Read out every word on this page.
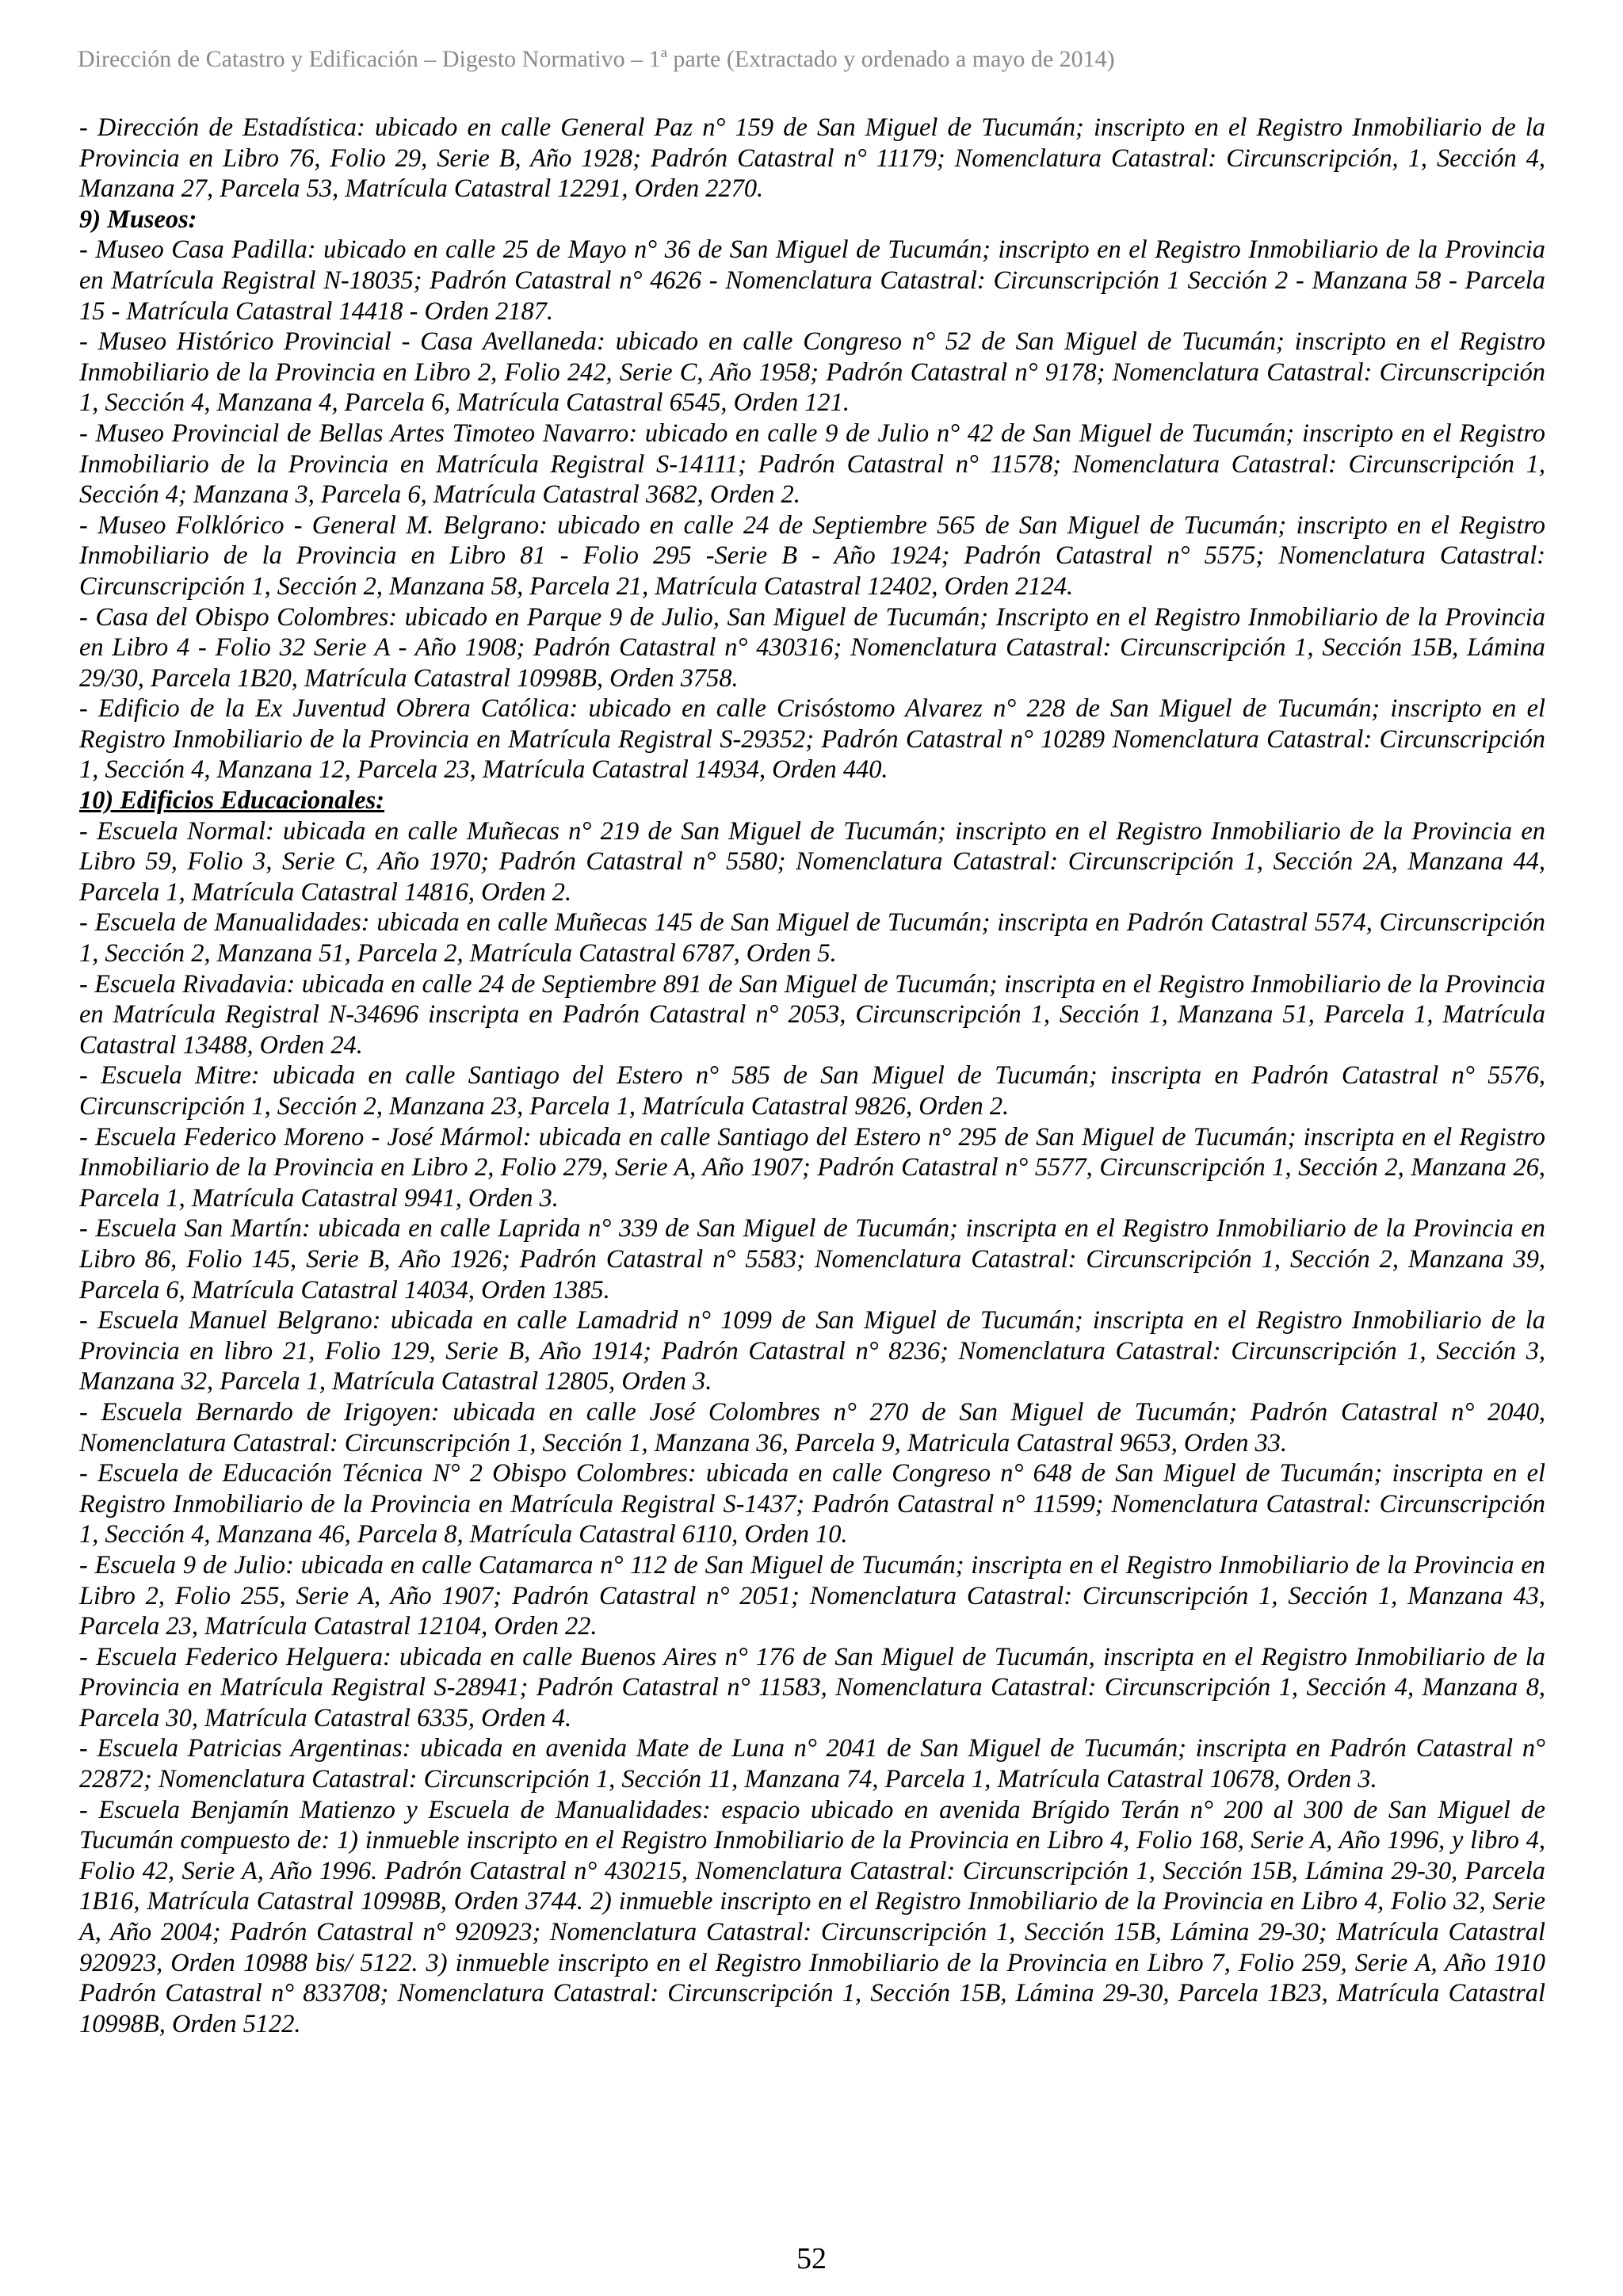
Dirección de Catastro y Edificación – Digesto Normativo – 1ª parte (Extractado y ordenado a mayo de 2014)

- Dirección de Estadística: ubicado en calle General Paz n° 159 de San Miguel de Tucumán; inscripto en el Registro Inmobiliario de la Provincia en Libro 76, Folio 29, Serie B, Año 1928; Padrón Catastral n° 11179; Nomenclatura Catastral: Circunscripción, 1, Sección 4, Manzana 27, Parcela 53, Matrícula Catastral 12291, Orden 2270.

9) Museos:

- Museo Casa Padilla: ubicado en calle 25 de Mayo n° 36 de San Miguel de Tucumán; inscripto en el Registro Inmobiliario de la Provincia en Matrícula Registral N-18035; Padrón Catastral n° 4626 - Nomenclatura Catastral: Circunscripción 1 Sección 2 - Manzana 58 - Parcela 15 - Matrícula Catastral 14418 - Orden 2187.

- Museo Histórico Provincial - Casa Avellaneda: ubicado en calle Congreso n° 52 de San Miguel de Tucumán; inscripto en el Registro Inmobiliario de la Provincia en Libro 2, Folio 242, Serie C, Año 1958; Padrón Catastral n° 9178; Nomenclatura Catastral: Circunscripción 1, Sección 4, Manzana 4, Parcela 6, Matrícula Catastral 6545, Orden 121.

- Museo Provincial de Bellas Artes Timoteo Navarro: ubicado en calle 9 de Julio n° 42 de San Miguel de Tucumán; inscripto en el Registro Inmobiliario de la Provincia en Matrícula Registral S-14111; Padrón Catastral n° 11578; Nomenclatura Catastral: Circunscripción 1, Sección 4; Manzana 3, Parcela 6, Matrícula Catastral 3682, Orden 2.

- Museo Folklórico - General M. Belgrano: ubicado en calle 24 de Septiembre 565 de San Miguel de Tucumán; inscripto en el Registro Inmobiliario de la Provincia en Libro 81 - Folio 295 -Serie B - Año 1924; Padrón Catastral n° 5575; Nomenclatura Catastral: Circunscripción 1, Sección 2, Manzana 58, Parcela 21, Matrícula Catastral 12402, Orden 2124.

- Casa del Obispo Colombres: ubicado en Parque 9 de Julio, San Miguel de Tucumán; Inscripto en el Registro Inmobiliario de la Provincia en Libro 4 - Folio 32 Serie A - Año 1908; Padrón Catastral n° 430316; Nomenclatura Catastral: Circunscripción 1, Sección 15B, Lámina 29/30, Parcela 1B20, Matrícula Catastral 10998B, Orden 3758.

- Edificio de la Ex Juventud Obrera Católica: ubicado en calle Crisóstomo Alvarez n° 228 de San Miguel de Tucumán; inscripto en el Registro Inmobiliario de la Provincia en Matrícula Registral S-29352; Padrón Catastral n° 10289 Nomenclatura Catastral: Circunscripción 1, Sección 4, Manzana 12, Parcela 23, Matrícula Catastral 14934, Orden 440.

10) Edificios Educacionales:

- Escuela Normal: ubicada en calle Muñecas n° 219 de San Miguel de Tucumán; inscripto en el Registro Inmobiliario de la Provincia en Libro 59, Folio 3, Serie C, Año 1970; Padrón Catastral n° 5580; Nomenclatura Catastral: Circunscripción 1, Sección 2A, Manzana 44, Parcela 1, Matrícula Catastral 14816, Orden 2.

- Escuela de Manualidades: ubicada en calle Muñecas 145 de San Miguel de Tucumán; inscripta en Padrón Catastral 5574, Circunscripción 1, Sección 2, Manzana 51, Parcela 2, Matrícula Catastral 6787, Orden 5.

- Escuela Rivadavia: ubicada en calle 24 de Septiembre 891 de San Miguel de Tucumán; inscripta en el Registro Inmobiliario de la Provincia en Matrícula Registral N-34696 inscripta en Padrón Catastral n° 2053, Circunscripción 1, Sección 1, Manzana 51, Parcela 1, Matrícula Catastral 13488, Orden 24.

- Escuela Mitre: ubicada en calle Santiago del Estero n° 585 de San Miguel de Tucumán; inscripta en Padrón Catastral n° 5576, Circunscripción 1, Sección 2, Manzana 23, Parcela 1, Matrícula Catastral 9826, Orden 2.

- Escuela Federico Moreno - José Mármol: ubicada en calle Santiago del Estero n° 295 de San Miguel de Tucumán; inscripta en el Registro Inmobiliario de la Provincia en Libro 2, Folio 279, Serie A, Año 1907; Padrón Catastral n° 5577, Circunscripción 1, Sección 2, Manzana 26, Parcela 1, Matrícula Catastral 9941, Orden 3.

- Escuela San Martín: ubicada en calle Laprida n° 339 de San Miguel de Tucumán; inscripta en el Registro Inmobiliario de la Provincia en Libro 86, Folio 145, Serie B, Año 1926; Padrón Catastral n° 5583; Nomenclatura Catastral: Circunscripción 1, Sección 2, Manzana 39, Parcela 6, Matrícula Catastral 14034, Orden 1385.

- Escuela Manuel Belgrano: ubicada en calle Lamadrid n° 1099 de San Miguel de Tucumán; inscripta en el Registro Inmobiliario de la Provincia en libro 21, Folio 129, Serie B, Año 1914; Padrón Catastral n° 8236; Nomenclatura Catastral: Circunscripción 1, Sección 3, Manzana 32, Parcela 1, Matrícula Catastral 12805, Orden 3.

- Escuela Bernardo de Irigoyen: ubicada en calle José Colombres n° 270 de San Miguel de Tucumán; Padrón Catastral n° 2040, Nomenclatura Catastral: Circunscripción 1, Sección 1, Manzana 36, Parcela 9, Matricula Catastral 9653, Orden 33.

- Escuela de Educación Técnica N° 2 Obispo Colombres: ubicada en calle Congreso n° 648 de San Miguel de Tucumán; inscripta en el Registro Inmobiliario de la Provincia en Matrícula Registral S-1437; Padrón Catastral n° 11599; Nomenclatura Catastral: Circunscripción 1, Sección 4, Manzana 46, Parcela 8, Matrícula Catastral 6110, Orden 10.

- Escuela 9 de Julio: ubicada en calle Catamarca n° 112 de San Miguel de Tucumán; inscripta en el Registro Inmobiliario de la Provincia en Libro 2, Folio 255, Serie A, Año 1907; Padrón Catastral n° 2051; Nomenclatura Catastral: Circunscripción 1, Sección 1, Manzana 43, Parcela 23, Matrícula Catastral 12104, Orden 22.

- Escuela Federico Helguera: ubicada en calle Buenos Aires n° 176 de San Miguel de Tucumán, inscripta en el Registro Inmobiliario de la Provincia en Matrícula Registral S-28941; Padrón Catastral n° 11583, Nomenclatura Catastral: Circunscripción 1, Sección 4, Manzana 8, Parcela 30, Matrícula Catastral 6335, Orden 4.

- Escuela Patricias Argentinas: ubicada en avenida Mate de Luna n° 2041 de San Miguel de Tucumán; inscripta en Padrón Catastral n° 22872; Nomenclatura Catastral: Circunscripción 1, Sección 11, Manzana 74, Parcela 1, Matrícula Catastral 10678, Orden 3.

- Escuela Benjamín Matienzo y Escuela de Manualidades: espacio ubicado en avenida Brígido Terán n° 200 al 300 de San Miguel de Tucumán compuesto de: 1) inmueble inscripto en el Registro Inmobiliario de la Provincia en Libro 4, Folio 168, Serie A, Año 1996, y libro 4, Folio 42, Serie A, Año 1996. Padrón Catastral n° 430215, Nomenclatura Catastral: Circunscripción 1, Sección 15B, Lámina 29-30, Parcela 1B16, Matrícula Catastral 10998B, Orden 3744. 2) inmueble inscripto en el Registro Inmobiliario de la Provincia en Libro 4, Folio 32, Serie A, Año 2004; Padrón Catastral n° 920923; Nomenclatura Catastral: Circunscripción 1, Sección 15B, Lámina 29-30; Matrícula Catastral 920923, Orden 10988 bis/ 5122. 3) inmueble inscripto en el Registro Inmobiliario de la Provincia en Libro 7, Folio 259, Serie A, Año 1910 Padrón Catastral n° 833708; Nomenclatura Catastral: Circunscripción 1, Sección 15B, Lámina 29-30, Parcela 1B23, Matrícula Catastral 10998B, Orden 5122.

52
